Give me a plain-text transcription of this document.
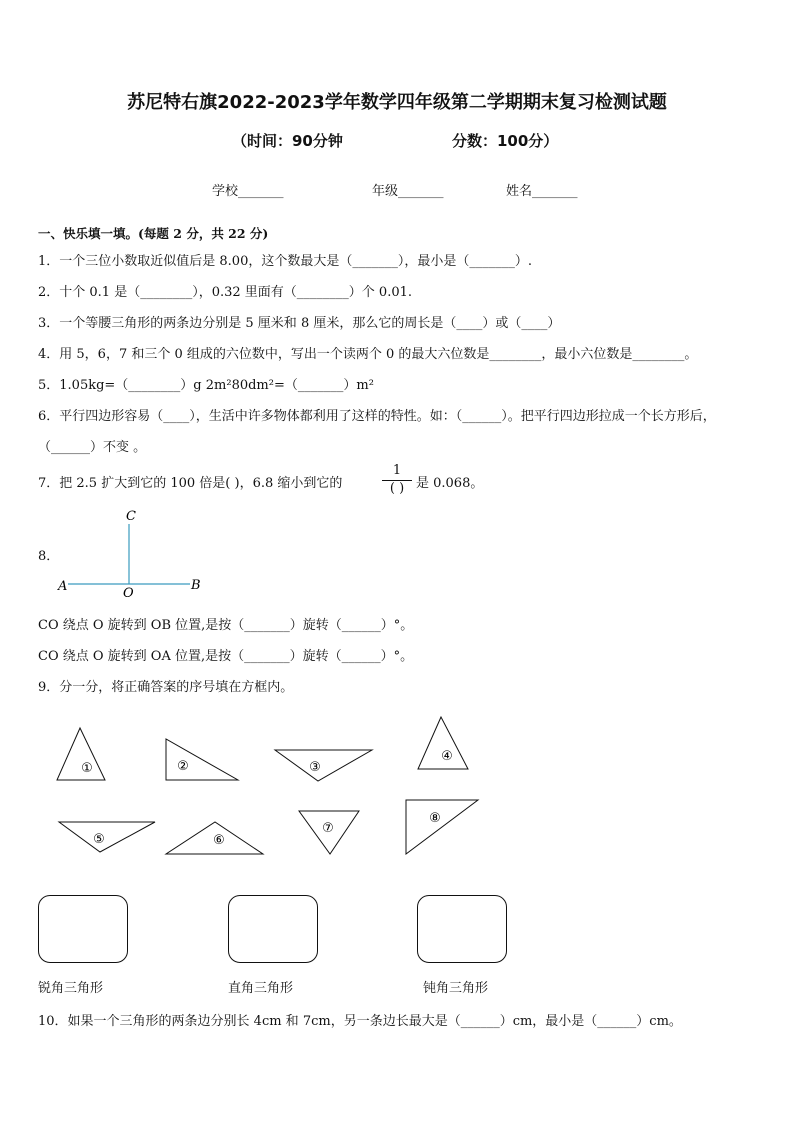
苏尼特右旗2022-2023学年数学四年级第二学期期末复习检测试题
（时间：90分钟	分数：100分）
学校_______	年级_______	姓名_______
一、快乐填一填。(每题 2 分，共 22 分)
1．一个三位小数取近似值后是 8.00，这个数最大是（_______），最小是（_______）.
2．十个 0.1 是（________），0.32 里面有（________）个 0.01.
3．一个等腰三角形的两条边分别是 5 厘米和 8 厘米，那么它的周长是（____）或（____）
4．用 5，6，7 和三个 0 组成的六位数中，写出一个读两个 0 的最大六位数是________，最小六位数是________。
5．1.05kg=（________）g 2m²80dm²=（_______）m²
6．平行四边形容易（____），生活中许多物体都利用了这样的特性。如：（______）。把平行四边形拉成一个长方形后，
（______）不变 。
7．把 2.5 扩大到它的 100 倍是( )，6.8 缩小到它的
1
( ) 是 0.068。
8．
C
A	O
B
①	②	③
④
⑤	⑥
⑦
⑧
CO 绕点 O 旋转到 OB 位置,是按（_______）旋转（______）°。
CO 绕点 O 旋转到 OA 位置,是按（_______）旋转（______）°。
9．分一分，将正确答案的序号填在方框内。
锐角三角形	直角三角形	钝角三角形
10．如果一个三角形的两条边分别长 4cm 和 7cm，另一条边长最大是（______）cm，最小是（______）cm。
